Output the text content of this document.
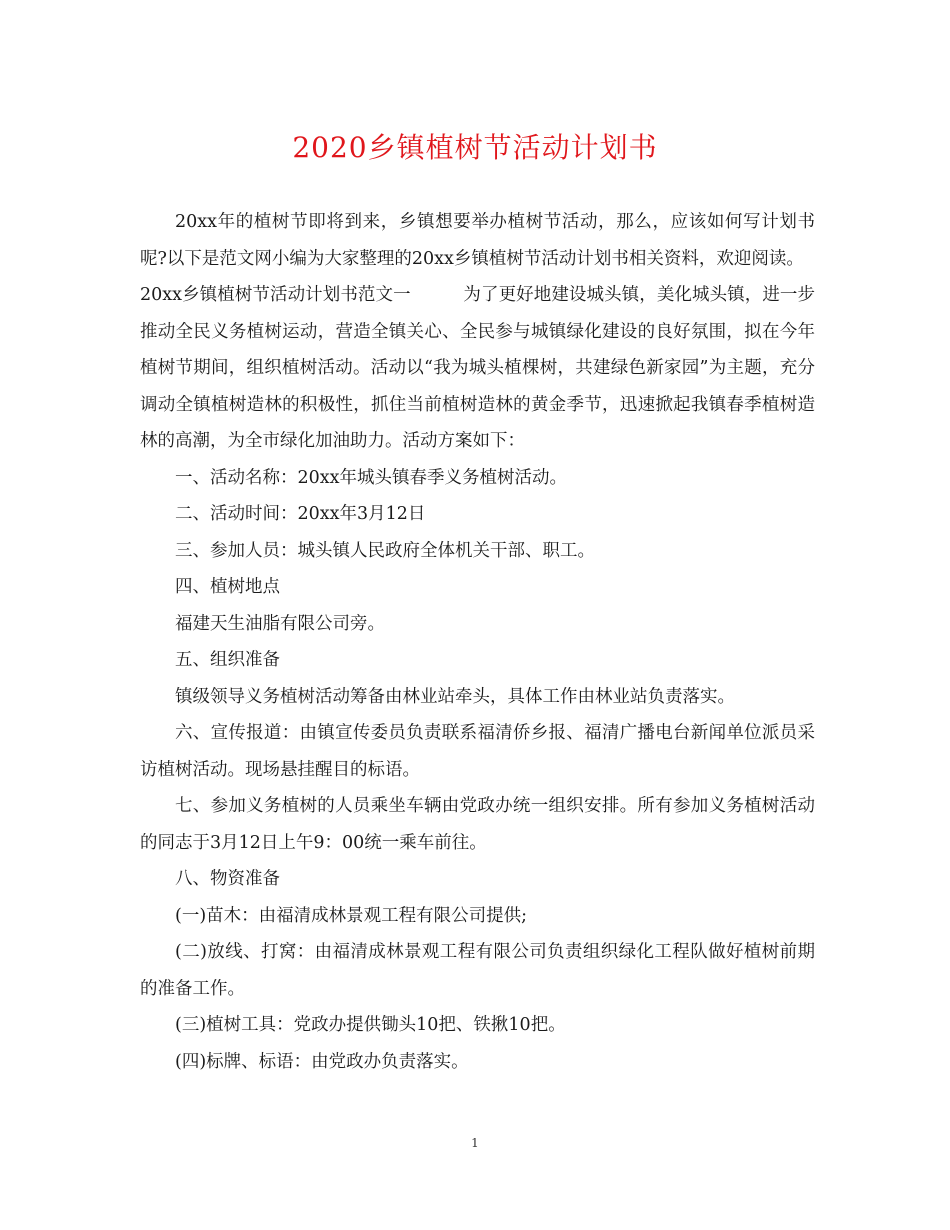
2020乡镇植树节活动计划书

20xx年的植树节即将到来，乡镇想要举办植树节活动，那么，应该如何写计划书呢?以下是范文网小编为大家整理的20xx乡镇植树节活动计划书相关资料，欢迎阅读。

20xx乡镇植树节活动计划书范文一　　　为了更好地建设城头镇，美化城头镇，进一步推动全民义务植树运动，营造全镇关心、全民参与城镇绿化建设的良好氛围，拟在今年植树节期间，组织植树活动。活动以“我为城头植棵树，共建绿色新家园”为主题，充分调动全镇植树造林的积极性，抓住当前植树造林的黄金季节，迅速掀起我镇春季植树造林的高潮，为全市绿化加油助力。活动方案如下：

一、活动名称：20xx年城头镇春季义务植树活动。

二、活动时间：20xx年3月12日

三、参加人员：城头镇人民政府全体机关干部、职工。

四、植树地点

福建天生油脂有限公司旁。

五、组织准备

镇级领导义务植树活动筹备由林业站牵头，具体工作由林业站负责落实。

六、宣传报道：由镇宣传委员负责联系福清侨乡报、福清广播电台新闻单位派员采访植树活动。现场悬挂醒目的标语。

七、参加义务植树的人员乘坐车辆由党政办统一组织安排。所有参加义务植树活动的同志于3月12日上午9：00统一乘车前往。

八、物资准备

(一)苗木：由福清成林景观工程有限公司提供;

(二)放线、打窝：由福清成林景观工程有限公司负责组织绿化工程队做好植树前期的准备工作。

(三)植树工具：党政办提供锄头10把、铁揪10把。

(四)标牌、标语：由党政办负责落实。

1
